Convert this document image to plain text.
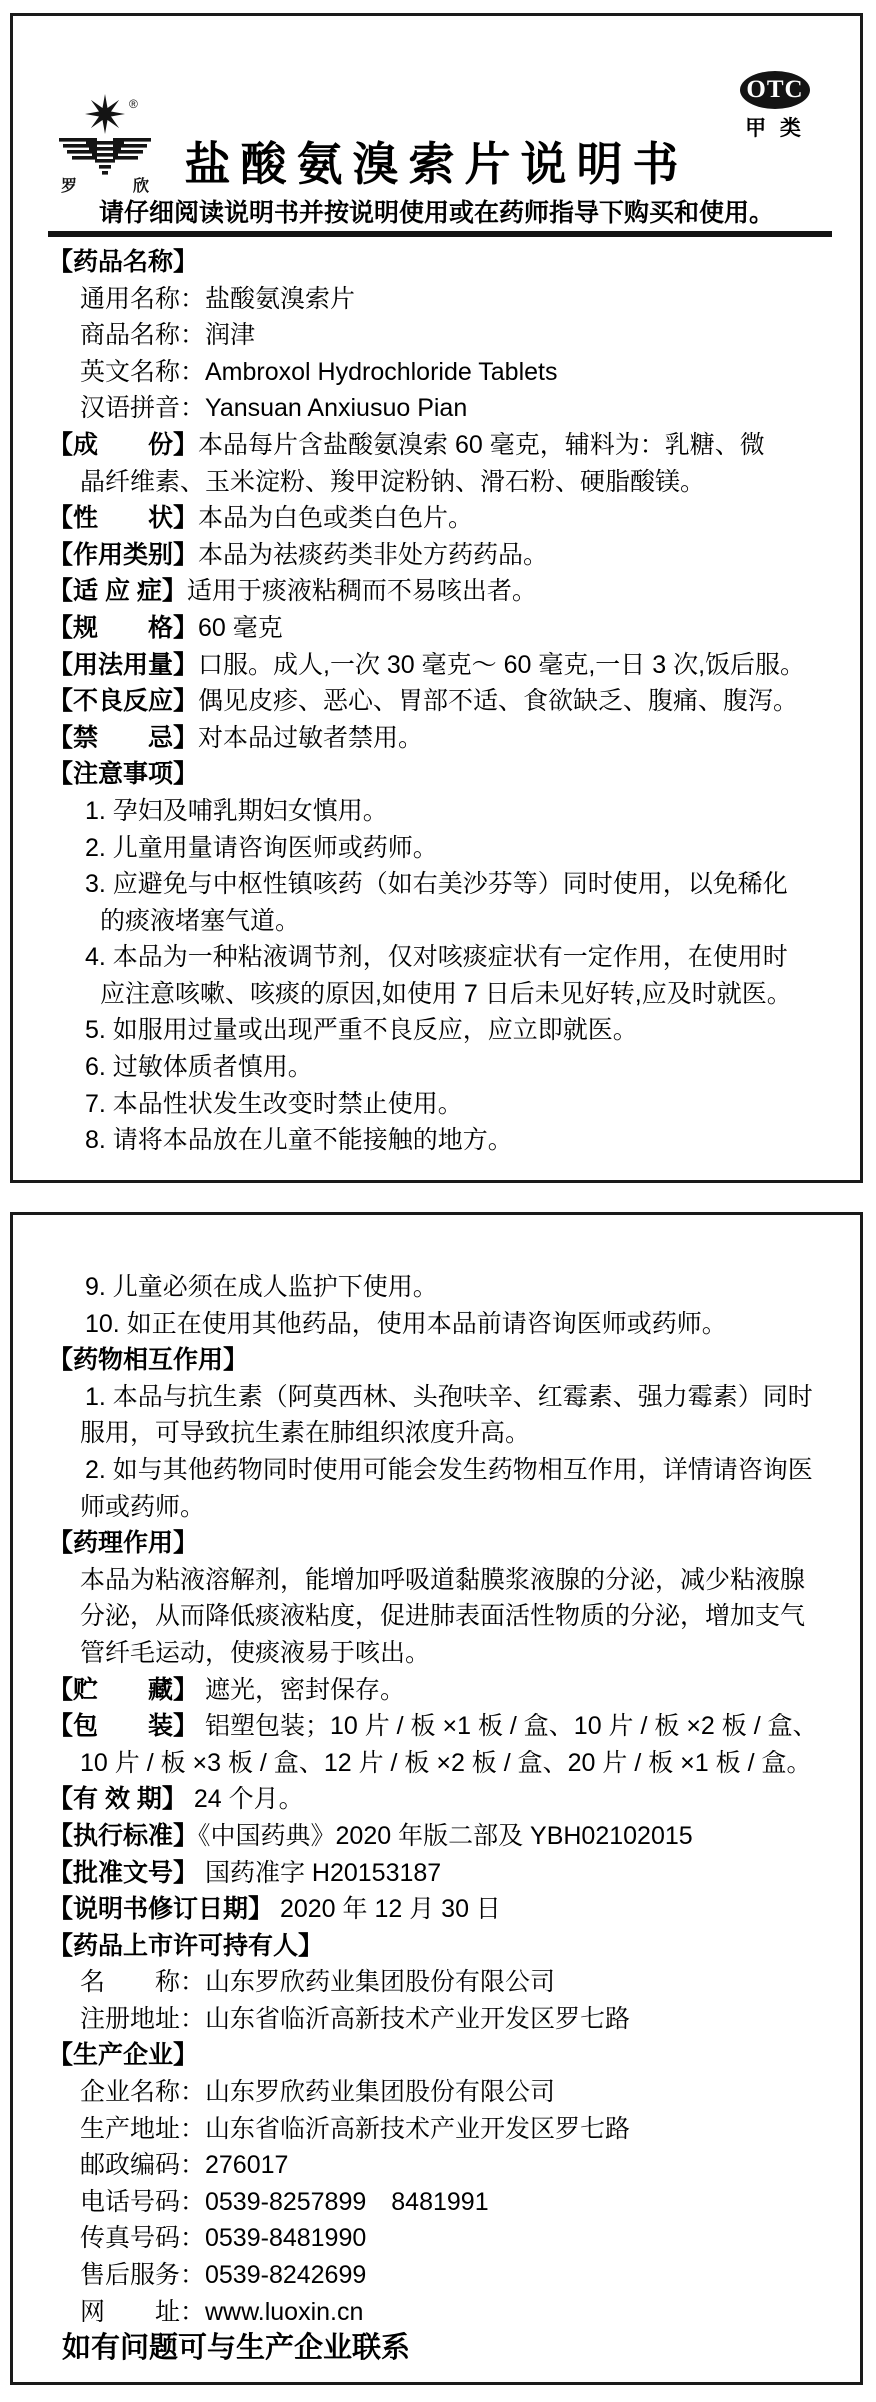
®
罗	欣
OTC
甲 类
盐酸氨溴索片说明书
请仔细阅读说明书并按说明使用或在药师指导下购买和使用。
【药品名称】
通用名称：盐酸氨溴索片
商品名称：润津
英文名称：Ambroxol Hydrochloride Tablets
汉语拼音：Yansuan Anxiusuo Pian
【成　　份】本品每片含盐酸氨溴索 60 毫克，辅料为：乳糖、微
晶纤维素、玉米淀粉、羧甲淀粉钠、滑石粉、硬脂酸镁。
【性　　状】本品为白色或类白色片。
【作用类别】本品为祛痰药类非处方药药品。
【适 应 症】适用于痰液粘稠而不易咳出者。
【规　　格】60 毫克
【用法用量】口服。成人,一次 30 毫克～ 60 毫克,一日 3 次,饭后服。
【不良反应】偶见皮疹、恶心、胃部不适、食欲缺乏、腹痛、腹泻。
【禁　　忌】对本品过敏者禁用。
【注意事项】
1. 孕妇及哺乳期妇女慎用。
2. 儿童用量请咨询医师或药师。
3. 应避免与中枢性镇咳药（如右美沙芬等）同时使用，以免稀化
的痰液堵塞气道。
4. 本品为一种粘液调节剂，仅对咳痰症状有一定作用，在使用时
应注意咳嗽、咳痰的原因,如使用 7 日后未见好转,应及时就医。
5. 如服用过量或出现严重不良反应，应立即就医。
6. 过敏体质者慎用。
7. 本品性状发生改变时禁止使用。
8. 请将本品放在儿童不能接触的地方。
9. 儿童必须在成人监护下使用。
10. 如正在使用其他药品，使用本品前请咨询医师或药师。
【药物相互作用】
1. 本品与抗生素（阿莫西林、头孢呋辛、红霉素、强力霉素）同时
服用，可导致抗生素在肺组织浓度升高。
2. 如与其他药物同时使用可能会发生药物相互作用，详情请咨询医
师或药师。
【药理作用】
本品为粘液溶解剂，能增加呼吸道黏膜浆液腺的分泌，减少粘液腺
分泌，从而降低痰液粘度，促进肺表面活性物质的分泌，增加支气
管纤毛运动，使痰液易于咳出。
【贮　　藏】 遮光，密封保存。
【包　　装】 铝塑包装；10 片 / 板 ×1 板 / 盒、10 片 / 板 ×2 板 / 盒、
10 片 / 板 ×3 板 / 盒、12 片 / 板 ×2 板 / 盒、20 片 / 板 ×1 板 / 盒。
【有 效 期】 24 个月。
【执行标准】《中国药典》2020 年版二部及 YBH02102015
【批准文号】 国药准字 H20153187
【说明书修订日期】 2020 年 12 月 30 日
【药品上市许可持有人】
名　　称：山东罗欣药业集团股份有限公司
注册地址：山东省临沂高新技术产业开发区罗七路
【生产企业】
企业名称：山东罗欣药业集团股份有限公司
生产地址：山东省临沂高新技术产业开发区罗七路
邮政编码：276017
电话号码：0539-8257899　8481991
传真号码：0539-8481990
售后服务：0539-8242699
网　　址：www.luoxin.cn
如有问题可与生产企业联系
